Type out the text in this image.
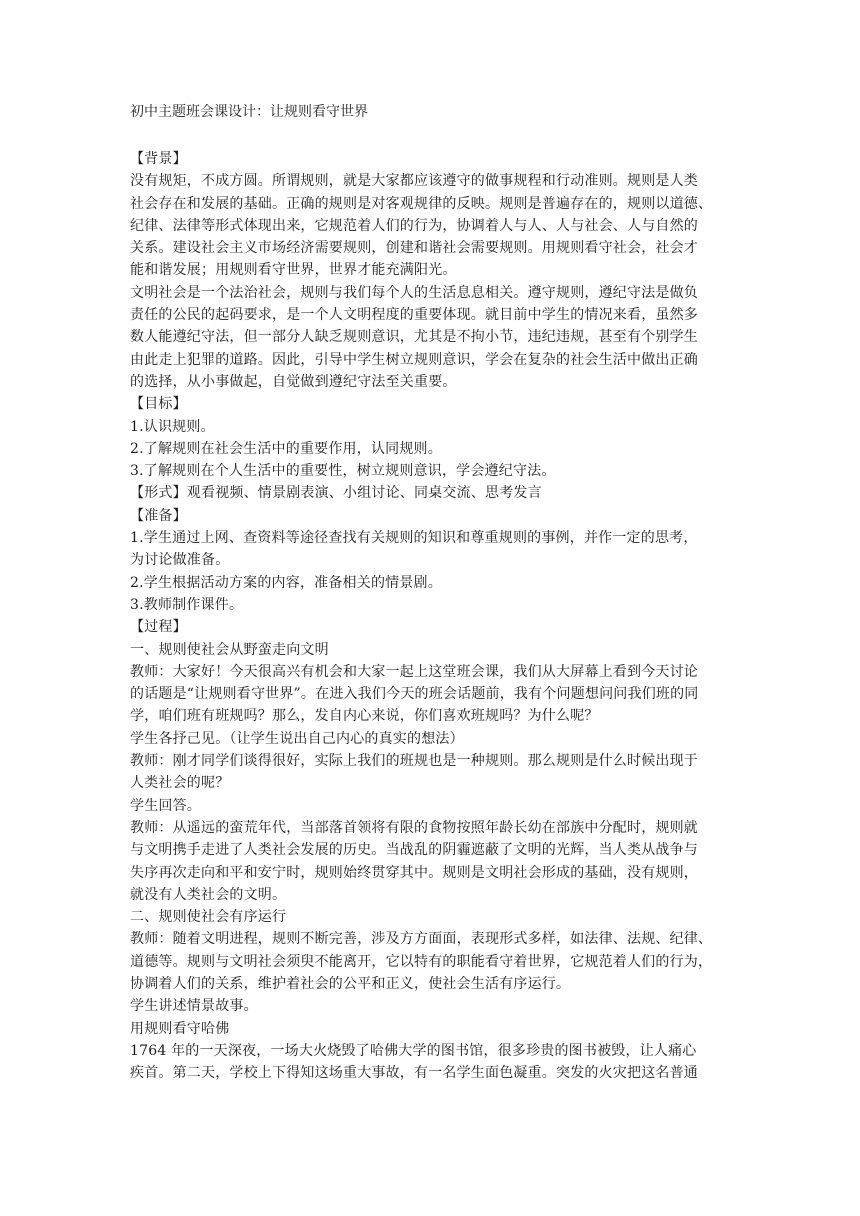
初中主题班会课设计：让规则看守世界

【背景】

没有规矩，不成方圆。所谓规则，就是大家都应该遵守的做事规程和行动准则。规则是人类

社会存在和发展的基础。正确的规则是对客观规律的反映。规则是普遍存在的，规则以道德、

纪律、法律等形式体现出来，它规范着人们的行为，协调着人与人、人与社会、人与自然的

关系。建设社会主义市场经济需要规则，创建和谐社会需要规则。用规则看守社会，社会才

能和谐发展；用规则看守世界，世界才能充满阳光。

文明社会是一个法治社会，规则与我们每个人的生活息息相关。遵守规则，遵纪守法是做负

责任的公民的起码要求，是一个人文明程度的重要体现。就目前中学生的情况来看，虽然多

数人能遵纪守法，但一部分人缺乏规则意识，尤其是不拘小节，违纪违规，甚至有个别学生

由此走上犯罪的道路。因此，引导中学生树立规则意识，学会在复杂的社会生活中做出正确

的选择，从小事做起，自觉做到遵纪守法至关重要。

【目标】

1.认识规则。

2.了解规则在社会生活中的重要作用，认同规则。

3.了解规则在个人生活中的重要性，树立规则意识，学会遵纪守法。

【形式】观看视频、情景剧表演、小组讨论、同桌交流、思考发言

【准备】

1.学生通过上网、查资料等途径查找有关规则的知识和尊重规则的事例，并作一定的思考，

为讨论做准备。

2.学生根据活动方案的内容，准备相关的情景剧。

3.教师制作课件。

【过程】

一、规则使社会从野蛮走向文明

教师：大家好！今天很高兴有机会和大家一起上这堂班会课，我们从大屏幕上看到今天讨论

的话题是“让规则看守世界”。在进入我们今天的班会话题前，我有个问题想问问我们班的同

学，咱们班有班规吗？那么，发自内心来说，你们喜欢班规吗？为什么呢？

学生各抒己见。（让学生说出自己内心的真实的想法）

教师：刚才同学们谈得很好，实际上我们的班规也是一种规则。那么规则是什么时候出现于

人类社会的呢？

学生回答。

教师：从遥远的蛮荒年代，当部落首领将有限的食物按照年龄长幼在部族中分配时，规则就

与文明携手走进了人类社会发展的历史。当战乱的阴霾遮蔽了文明的光辉，当人类从战争与

失序再次走向和平和安宁时，规则始终贯穿其中。规则是文明社会形成的基础，没有规则，

就没有人类社会的文明。

二、规则使社会有序运行

教师：随着文明进程，规则不断完善，涉及方方面面，表现形式多样，如法律、法规、纪律、

道德等。规则与文明社会须臾不能离开，它以特有的职能看守着世界，它规范着人们的行为，

协调着人们的关系，维护着社会的公平和正义，使社会生活有序运行。

学生讲述情景故事。

用规则看守哈佛

1764 年的一天深夜，一场大火烧毁了哈佛大学的图书馆，很多珍贵的图书被毁，让人痛心

疾首。第二天，学校上下得知这场重大事故，有一名学生面色凝重。突发的火灾把这名普通
